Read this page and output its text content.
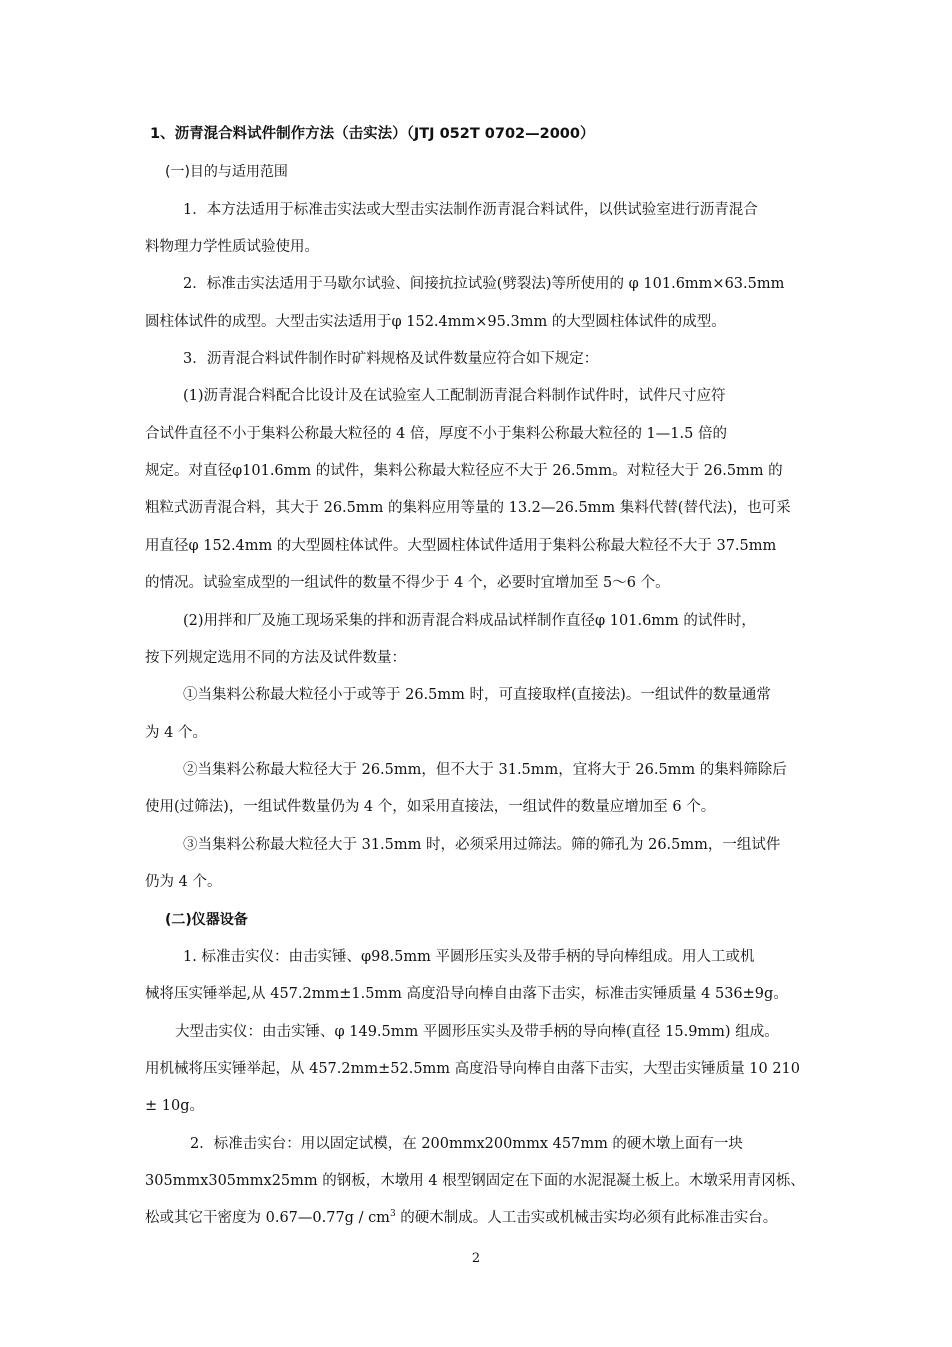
1、沥青混合料试件制作方法（击实法）（JTJ 052T 0702—2000）
(一)目的与适用范围
1．本方法适用于标准击实法或大型击实法制作沥青混合料试件，以供试验室进行沥青混合
料物理力学性质试验使用。
2．标准击实法适用于马歇尔试验、间接抗拉试验(劈裂法)等所使用的 φ 101.6mm×63.5mm
圆柱体试件的成型。大型击实法适用于φ 152.4mm×95.3mm 的大型圆柱体试件的成型。
3．沥青混合料试件制作时矿料规格及试件数量应符合如下规定：
(1)沥青混合料配合比设计及在试验室人工配制沥青混合料制作试件时，试件尺寸应符
合试件直径不小于集料公称最大粒径的 4 倍，厚度不小于集料公称最大粒径的 1—1.5 倍的
规定。对直径φ101.6mm 的试件，集料公称最大粒径应不大于 26.5mm。对粒径大于 26.5mm 的
粗粒式沥青混合料，其大于 26.5mm 的集料应用等量的 13.2—26.5mm 集料代替(替代法)，也可采
用直径φ 152.4mm 的大型圆柱体试件。大型圆柱体试件适用于集料公称最大粒径不大于 37.5mm
的情况。试验室成型的一组试件的数量不得少于 4 个，必要时宜增加至 5～6 个。
(2)用拌和厂及施工现场采集的拌和沥青混合料成品试样制作直径φ 101.6mm 的试件时，
按下列规定选用不同的方法及试件数量：
①当集料公称最大粒径小于或等于 26.5mm 时，可直接取样(直接法)。一组试件的数量通常
为 4 个。
②当集料公称最大粒径大于 26.5mm，但不大于 31.5mm，宜将大于 26.5mm 的集料筛除后
使用(过筛法)，一组试件数量仍为 4 个，如采用直接法，一组试件的数量应增加至 6 个。
③当集料公称最大粒径大于 31.5mm 时，必须采用过筛法。筛的筛孔为 26.5mm，一组试件
仍为 4 个。
(二)仪器设备
1. 标准击实仪：由击实锤、φ98.5mm 平圆形压实头及带手柄的导向棒组成。用人工或机
械将压实锤举起,从 457.2mm±1.5mm 高度沿导向棒自由落下击实，标准击实锤质量 4 536±9g。
大型击实仪：由击实锤、φ 149.5mm 平圆形压实头及带手柄的导向棒(直径 15.9mm) 组成。
用机械将压实锤举起，从 457.2mm±52.5mm 高度沿导向棒自由落下击实，大型击实锤质量 10 210
± 10g。
2．标准击实台：用以固定试模，在 200mmx200mmx 457mm 的硬木墩上面有一块
305mmx305mmx25mm 的钢板，木墩用 4 根型钢固定在下面的水泥混凝土板上。木墩采用青冈栎、
松或其它干密度为 0.67—0.77g / $cm^3$ 的硬木制成。人工击实或机械击实均必须有此标准击实台。
2
